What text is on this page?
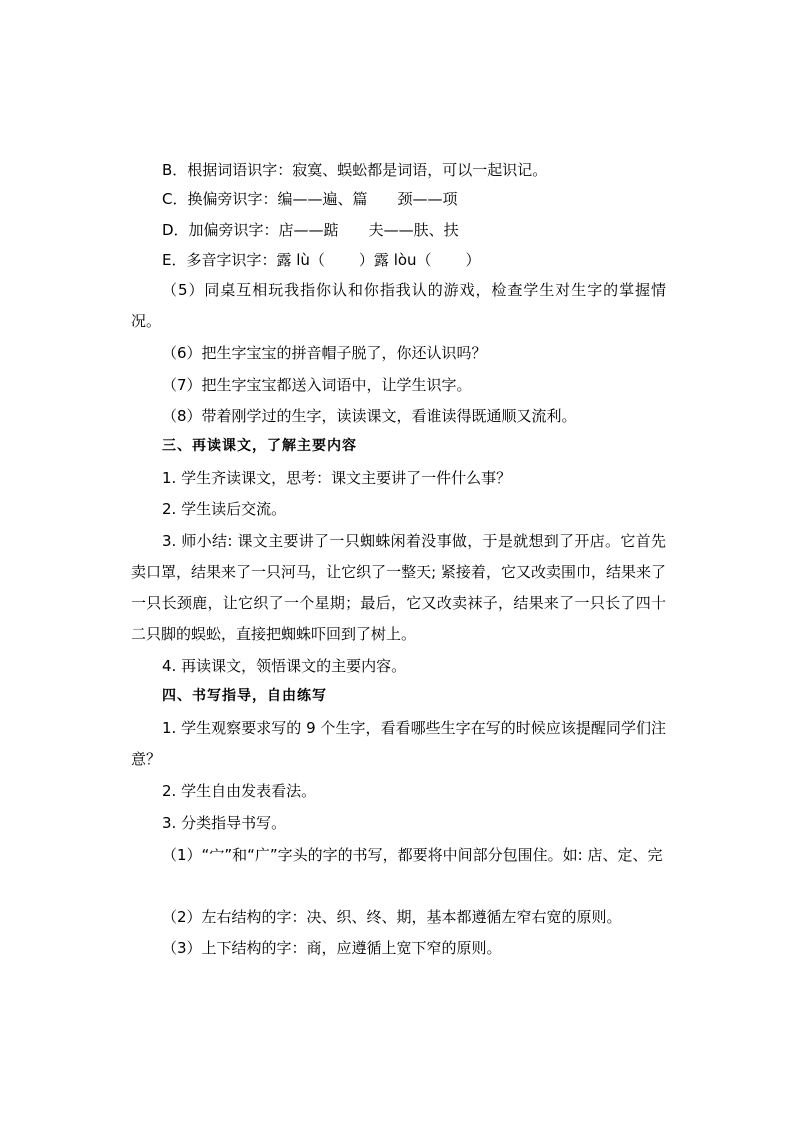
B．根据词语识字：寂寞、蜈蚣都是词语，可以一起识记。
C．换偏旁识字：编——遍、篇 颈——项
D．加偏旁识字：店——踮 夫——肤、扶
E．多音字识字：露 lù（ ）露 lòu（ ）
（5）同桌互相玩我指你认和你指我认的游戏，检查学生对生字的掌握情况。
（6）把生字宝宝的拼音帽子脱了，你还认识吗？
（7）把生字宝宝都送入词语中，让学生识字。
（8）带着刚学过的生字，读读课文，看谁读得既通顺又流利。
三、再读课文，了解主要内容
1. 学生齐读课文，思考：课文主要讲了一件什么事？
2. 学生读后交流。
3. 师小结: 课文主要讲了一只蜘蛛闲着没事做，于是就想到了开店。它首先卖口罩，结果来了一只河马，让它织了一整天; 紧接着，它又改卖围巾，结果来了一只长颈鹿，让它织了一个星期；最后，它又改卖袜子，结果来了一只长了四十二只脚的蜈蚣，直接把蜘蛛吓回到了树上。
4. 再读课文，领悟课文的主要内容。
四、书写指导，自由练写
1. 学生观察要求写的 9 个生字，看看哪些生字在写的时候应该提醒同学们注意？
2. 学生自由发表看法。
3. 分类指导书写。
（1）“宀”和“广”字头的字的书写，都要将中间部分包围住。如: 店、定、完
（2）左右结构的字：决、织、终、期，基本都遵循左窄右宽的原则。
（3）上下结构的字：商，应遵循上宽下窄的原则。
